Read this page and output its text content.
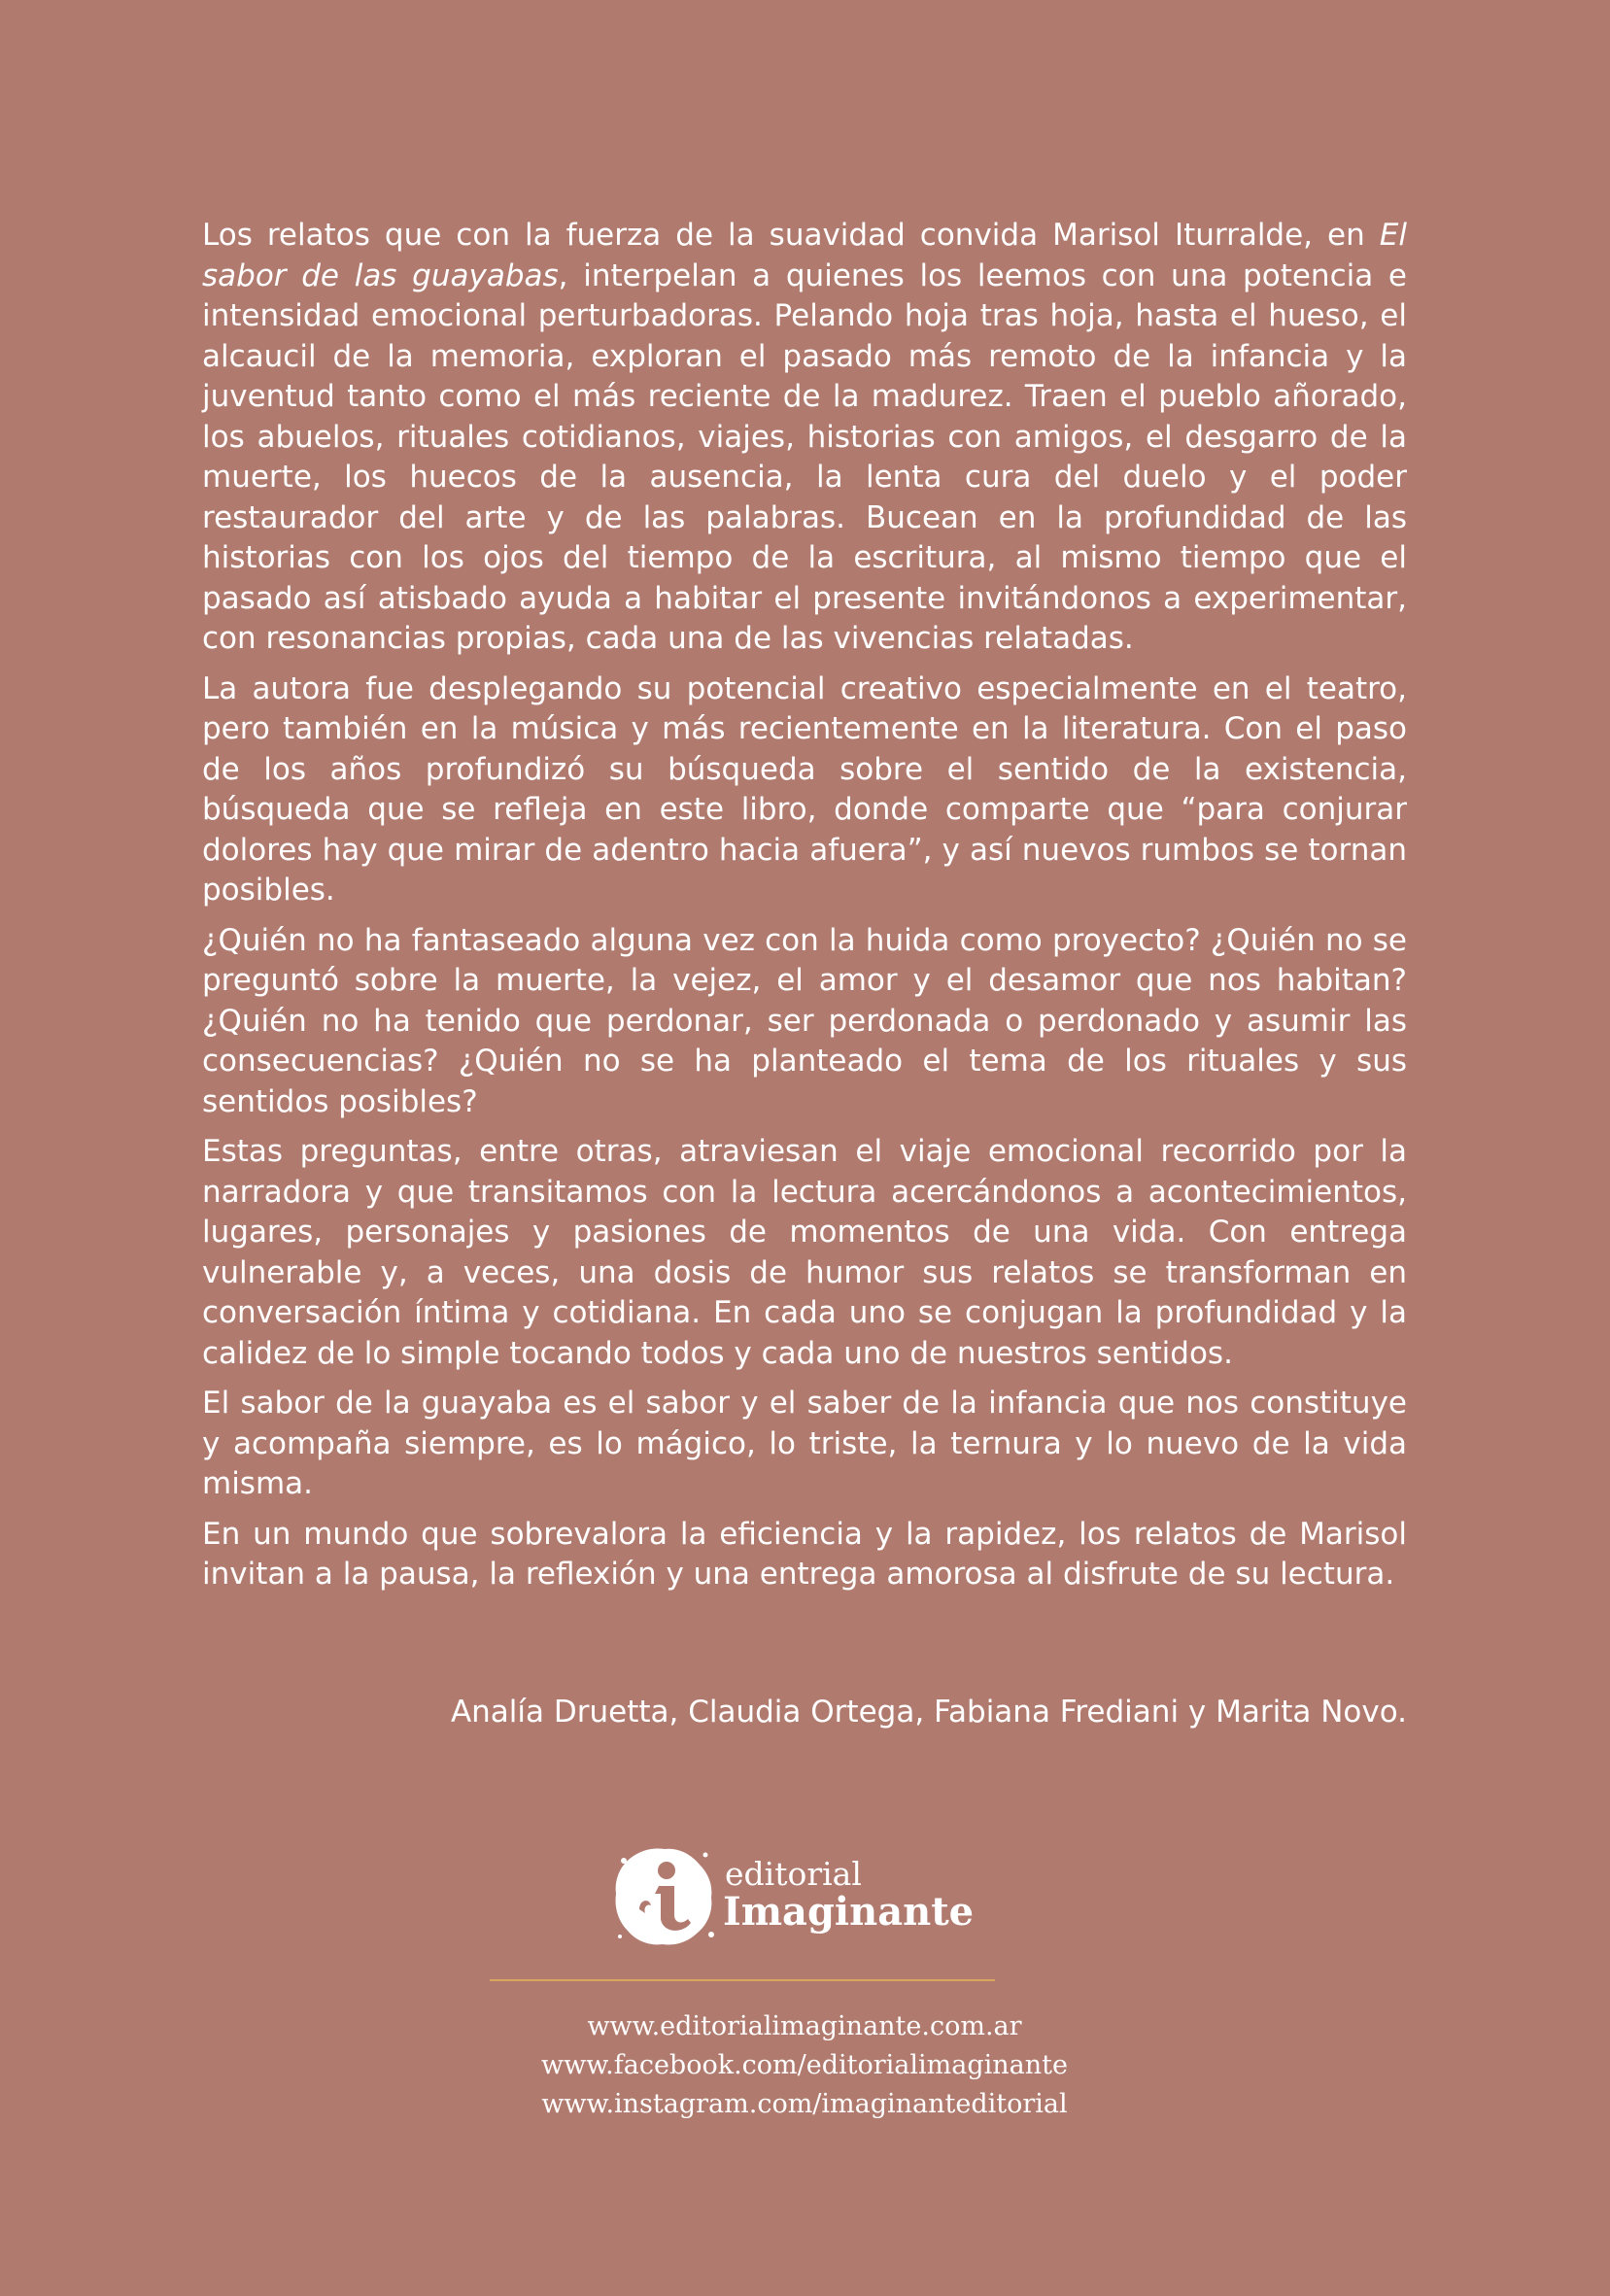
Los relatos que con la fuerza de la suavidad convida Marisol Iturralde, en El sabor de las guayabas, interpelan a quienes los leemos con una potencia e intensidad emocional perturbadoras. Pelando hoja tras hoja, hasta el hueso, el alcaucil de la memoria, exploran el pasado más remoto de la infancia y la juventud tanto como el más reciente de la madurez. Traen el pueblo añorado, los abuelos, rituales cotidianos, viajes, historias con amigos, el desgarro de la muerte, los huecos de la ausencia, la lenta cura del duelo y el poder restaurador del arte y de las palabras. Bucean en la profundidad de las historias con los ojos del tiempo de la escritura, al mismo tiempo que el pasado así atisbado ayuda a habitar el presente invitándonos a experimentar, con resonancias propias, cada una de las vivencias relatadas.

La autora fue desplegando su potencial creativo especialmente en el teatro, pero también en la música y más recientemente en la literatura. Con el paso de los años profundizó su búsqueda sobre el sentido de la existencia, búsqueda que se refleja en este libro, donde comparte que “para conjurar dolores hay que mirar de adentro hacia afuera”, y así nuevos rumbos se tornan posibles.

¿Quién no ha fantaseado alguna vez con la huida como proyecto? ¿Quién no se preguntó sobre la muerte, la vejez, el amor y el desamor que nos habitan? ¿Quién no ha tenido que perdonar, ser perdonada o perdonado y asumir las consecuencias? ¿Quién no se ha planteado el tema de los rituales y sus sentidos posibles?

Estas preguntas, entre otras, atraviesan el viaje emocional recorrido por la narradora y que transitamos con la lectura acercándonos a acontecimientos, lugares, personajes y pasiones de momentos de una vida. Con entrega vulnerable y, a veces, una dosis de humor sus relatos se transforman en conversación íntima y cotidiana. En cada uno se conjugan la profundidad y la calidez de lo simple tocando todos y cada uno de nuestros sentidos.

El sabor de la guayaba es el sabor y el saber de la infancia que nos constituye y acompaña siempre, es lo mágico, lo triste, la ternura y lo nuevo de la vida misma.

En un mundo que sobrevalora la eficiencia y la rapidez, los relatos de Marisol invitan a la pausa, la reflexión y una entrega amorosa al disfrute de su lectura.

Analía Druetta, Claudia Ortega, Fabiana Frediani y Marita Novo.
editorial
Imaginante
www.editorialimaginante.com.ar
www.facebook.com/editorialimaginante
www.instagram.com/imaginanteditorial
